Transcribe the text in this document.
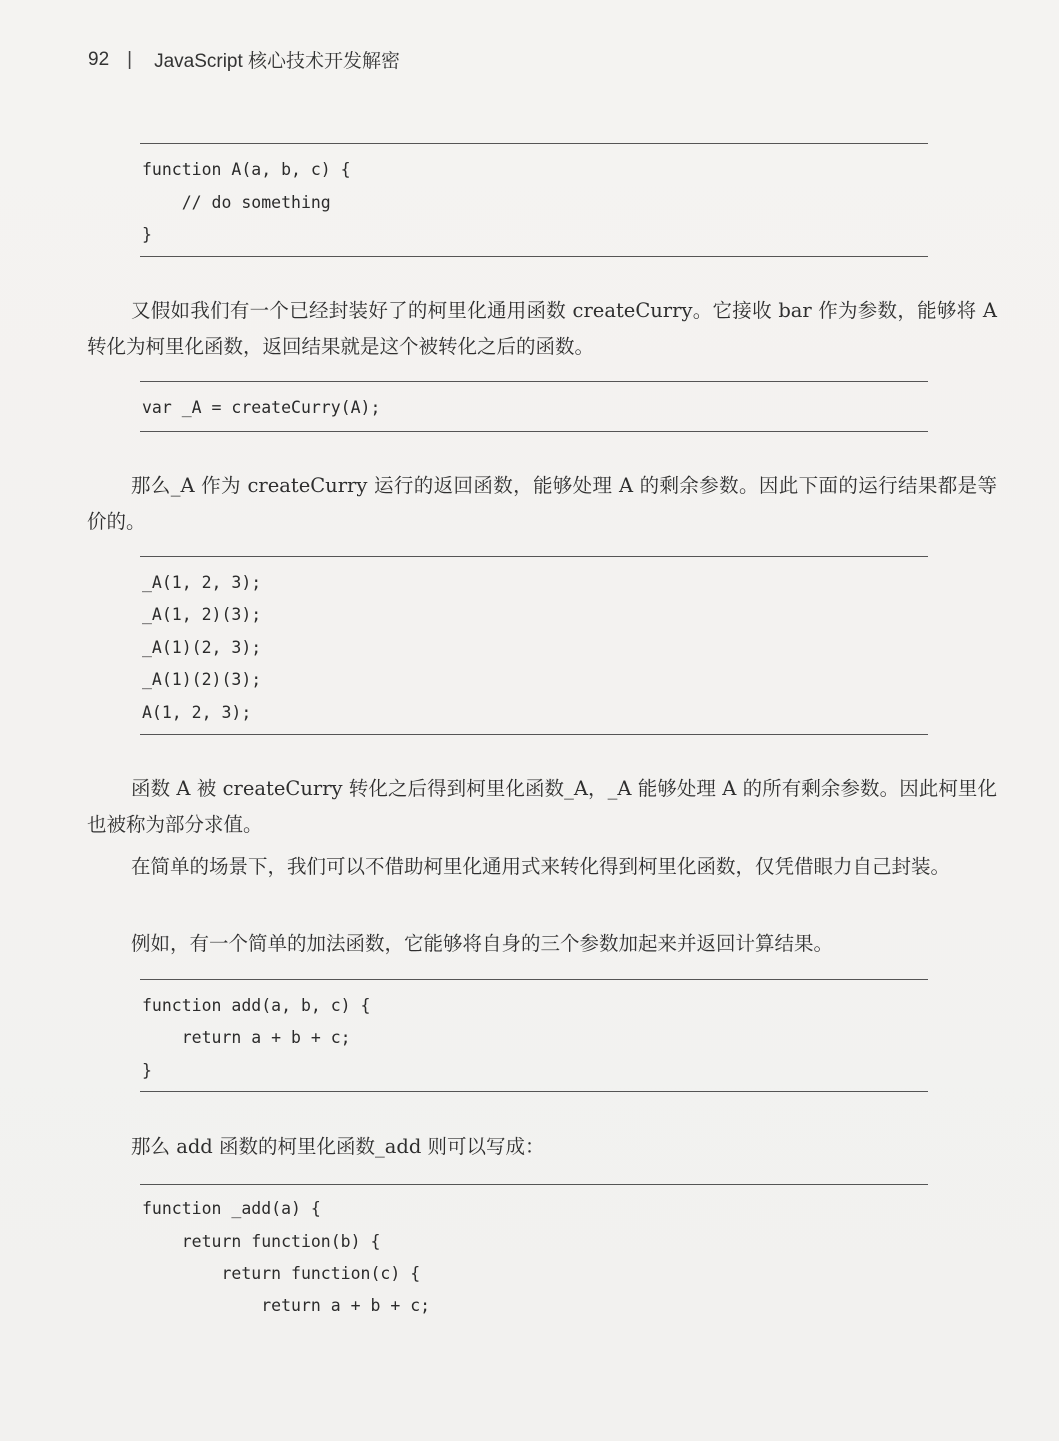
92 | JavaScript 核心技术开发解密
function A(a, b, c) {
// do something
}

又假如我们有一个已经封装好了的柯里化通用函数 createCurry。它接收 bar 作为参数，能够将 A 转化为柯里化函数，返回结果就是这个被转化之后的函数。

var _A = createCurry(A);

那么_A 作为 createCurry 运行的返回函数，能够处理 A 的剩余参数。因此下面的运行结果都是等价的。

_A(1, 2, 3);
_A(1, 2)(3);
_A(1)(2, 3);
_A(1)(2)(3);
A(1, 2, 3);

函数 A 被 createCurry 转化之后得到柯里化函数_A，_A 能够处理 A 的所有剩余参数。因此柯里化也被称为部分求值。

在简单的场景下，我们可以不借助柯里化通用式来转化得到柯里化函数，仅凭借眼力自己封装。

例如，有一个简单的加法函数，它能够将自身的三个参数加起来并返回计算结果。

function add(a, b, c) {
return a + b + c;
}

那么 add 函数的柯里化函数_add 则可以写成：

function _add(a) {
return function(b) {
return function(c) {
return a + b + c;
